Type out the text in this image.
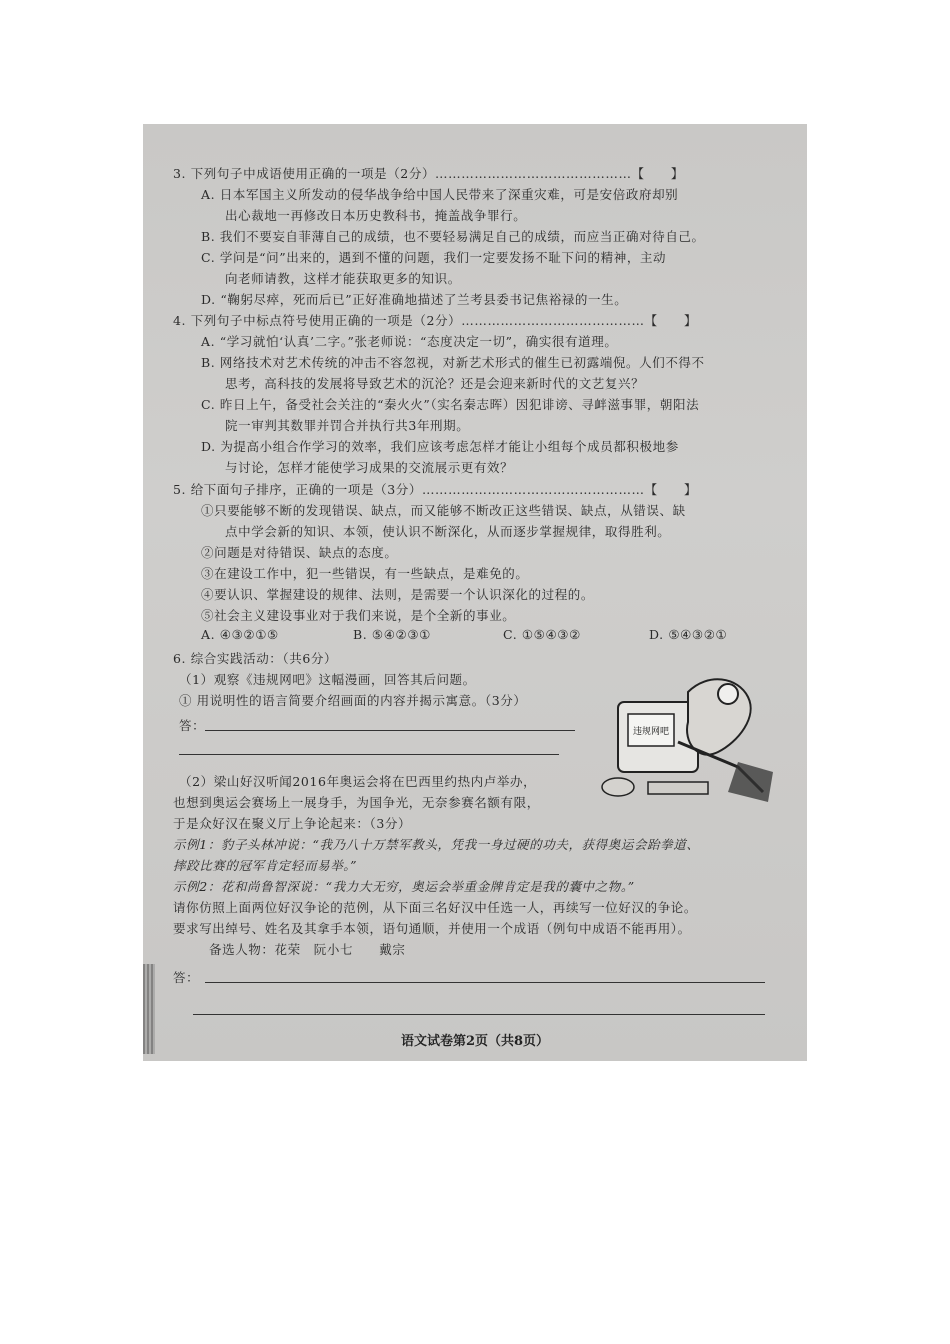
3. 下列句子中成语使用正确的一项是（2分）………………………………………【　　】
A. 日本军国主义所发动的侵华战争给中国人民带来了深重灾难，可是安倍政府却别
出心裁地一再修改日本历史教科书，掩盖战争罪行。
B. 我们不要妄自菲薄自己的成绩，也不要轻易满足自己的成绩，而应当正确对待自己。
C. 学问是“问”出来的，遇到不懂的问题，我们一定要发扬不耻下问的精神，主动
向老师请教，这样才能获取更多的知识。
D. “鞠躬尽瘁，死而后已”正好准确地描述了兰考县委书记焦裕禄的一生。
4. 下列句子中标点符号使用正确的一项是（2分）……………………………………【　　】
A. “学习就怕‘认真’二字。”张老师说：“态度决定一切”，确实很有道理。
B. 网络技术对艺术传统的冲击不容忽视，对新艺术形式的催生已初露端倪。人们不得不
思考，高科技的发展将导致艺术的沉沦？还是会迎来新时代的文艺复兴？
C. 昨日上午，备受社会关注的“秦火火”（实名秦志晖）因犯诽谤、寻衅滋事罪，朝阳法
院一审判其数罪并罚合并执行共3年刑期。
D. 为提高小组合作学习的效率，我们应该考虑怎样才能让小组每个成员都积极地参
与讨论，怎样才能使学习成果的交流展示更有效？
5. 给下面句子排序，正确的一项是（3分）……………………………………………【　　】
①只要能够不断的发现错误、缺点，而又能够不断改正这些错误、缺点，从错误、缺
点中学会新的知识、本领，使认识不断深化，从而逐步掌握规律，取得胜利。
②问题是对待错误、缺点的态度。
③在建设工作中，犯一些错误，有一些缺点，是难免的。
④要认识、掌握建设的规律、法则，是需要一个认识深化的过程的。
⑤社会主义建设事业对于我们来说，是个全新的事业。
A. ④③②①⑤	B. ⑤④②③①	C. ①⑤④③②	D. ⑤④③②①
6. 综合实践活动：（共6分）
（1）观察《违规网吧》这幅漫画，回答其后问题。
① 用说明性的语言简要介绍画面的内容并揭示寓意。（3分）
答：	违规网吧
（2）梁山好汉听闻2016年奥运会将在巴西里约热内卢举办，
也想到奥运会赛场上一展身手，为国争光，无奈参赛名额有限，
于是众好汉在聚义厅上争论起来：（3分）
示例1：豹子头林冲说：“我乃八十万禁军教头，凭我一身过硬的功夫，获得奥运会跆拳道、
摔跤比赛的冠军肯定轻而易举。”
示例2：花和尚鲁智深说：“我力大无穷，奥运会举重金牌肯定是我的囊中之物。”
请你仿照上面两位好汉争论的范例，从下面三名好汉中任选一人，再续写一位好汉的争论。
要求写出绰号、姓名及其拿手本领，语句通顺，并使用一个成语（例句中成语不能再用）。
备选人物：花荣　阮小七　　戴宗
答：
语文试卷第2页（共8页）
